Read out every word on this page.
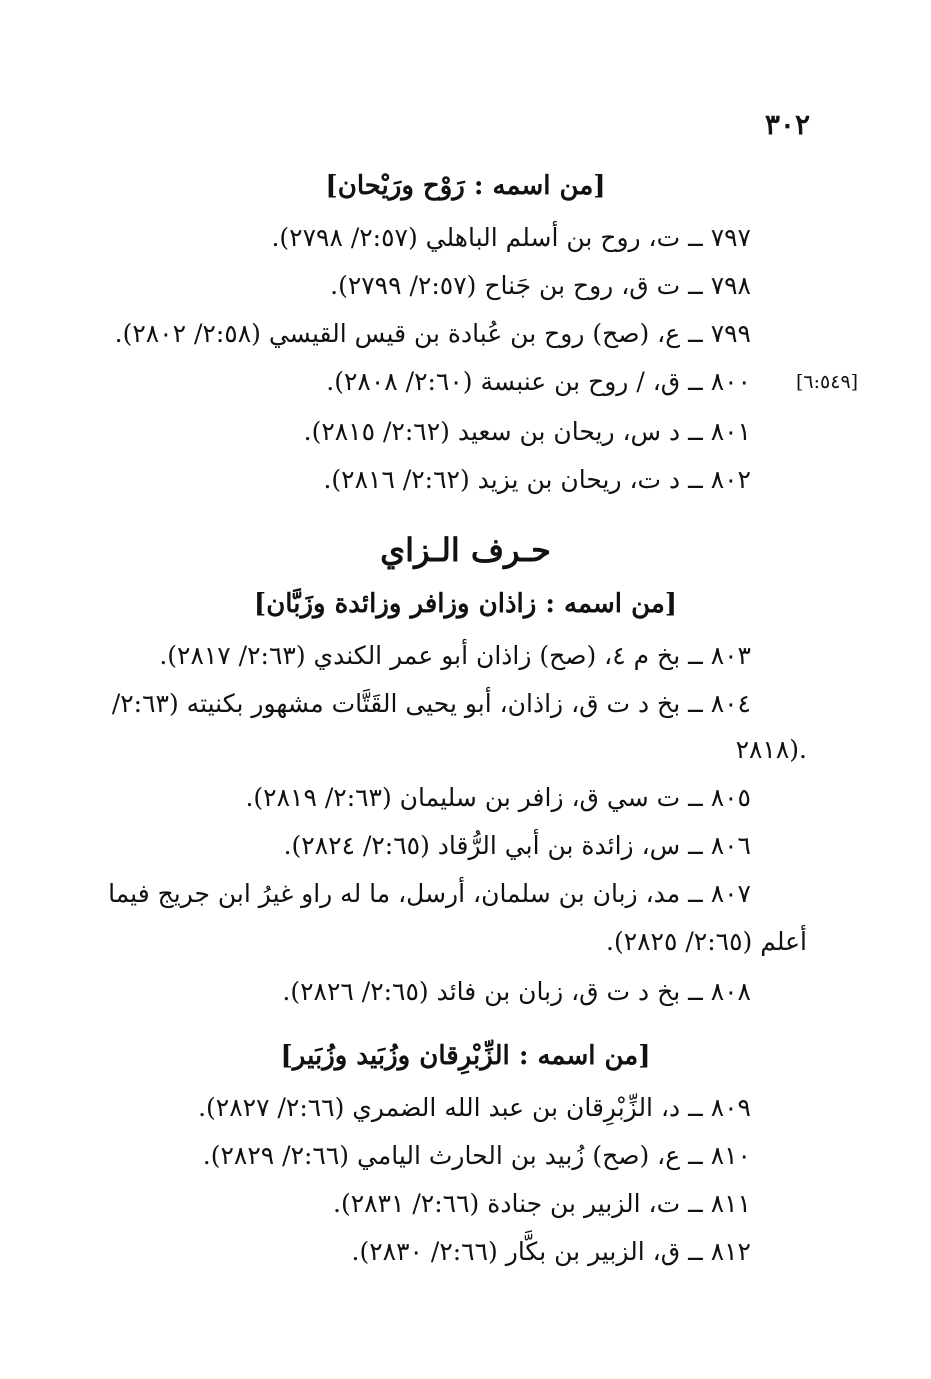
٣٠٢
[من اسمه : رَوْح ورَيْحان]
٧٩٧ ــ ت، روح بن أسلم الباهلي (٢:٥٧/ ٢٧٩٨).
٧٩٨ ــ ت ق، روح بن جَناح (٢:٥٧/ ٢٧٩٩).
٧٩٩ ــ ع، (صح) روح بن عُبادة بن قيس القيسي (٢:٥٨/ ٢٨٠٢).
٨٠٠ ــ ق، / روح بن عنبسة (٢:٦٠/ ٢٨٠٨). [٦:٥٤٩]
٨٠١ ــ د س، ريحان بن سعيد (٢:٦٢/ ٢٨١٥).
٨٠٢ ــ د ت، ريحان بن يزيد (٢:٦٢/ ٢٨١٦).
حـرف الـزاي
[من اسمه : زاذان وزافر وزائدة وزَبَّان]
٨٠٣ ــ بخ م ٤، (صح) زاذان أبو عمر الكندي (٢:٦٣/ ٢٨١٧).
٨٠٤ ــ بخ د ت ق، زاذان، أبو يحيى القَتَّات مشهور بكنيته (٢:٦٣/
٢٨١٨).
٨٠٥ ــ ت سي ق، زافر بن سليمان (٢:٦٣/ ٢٨١٩).
٨٠٦ ــ س، زائدة بن أبي الرُّقاد (٢:٦٥/ ٢٨٢٤).
٨٠٧ ــ مد، زبان بن سلمان، أرسل، ما له راو غيرُ ابن جريج فيما
أعلم (٢:٦٥/ ٢٨٢٥).
٨٠٨ ــ بخ د ت ق، زبان بن فائد (٢:٦٥/ ٢٨٢٦).
[من اسمه : الزِّبْرِقان وزُبَيد وزُبَير]
٨٠٩ ــ د، الزِّبْرِقان بن عبد الله الضمري (٢:٦٦/ ٢٨٢٧).
٨١٠ ــ ع، (صح) زُبيد بن الحارث اليامي (٢:٦٦/ ٢٨٢٩).
٨١١ ــ ت، الزبير بن جنادة (٢:٦٦/ ٢٨٣١).
٨١٢ ــ ق، الزبير بن بكَّار (٢:٦٦/ ٢٨٣٠).
